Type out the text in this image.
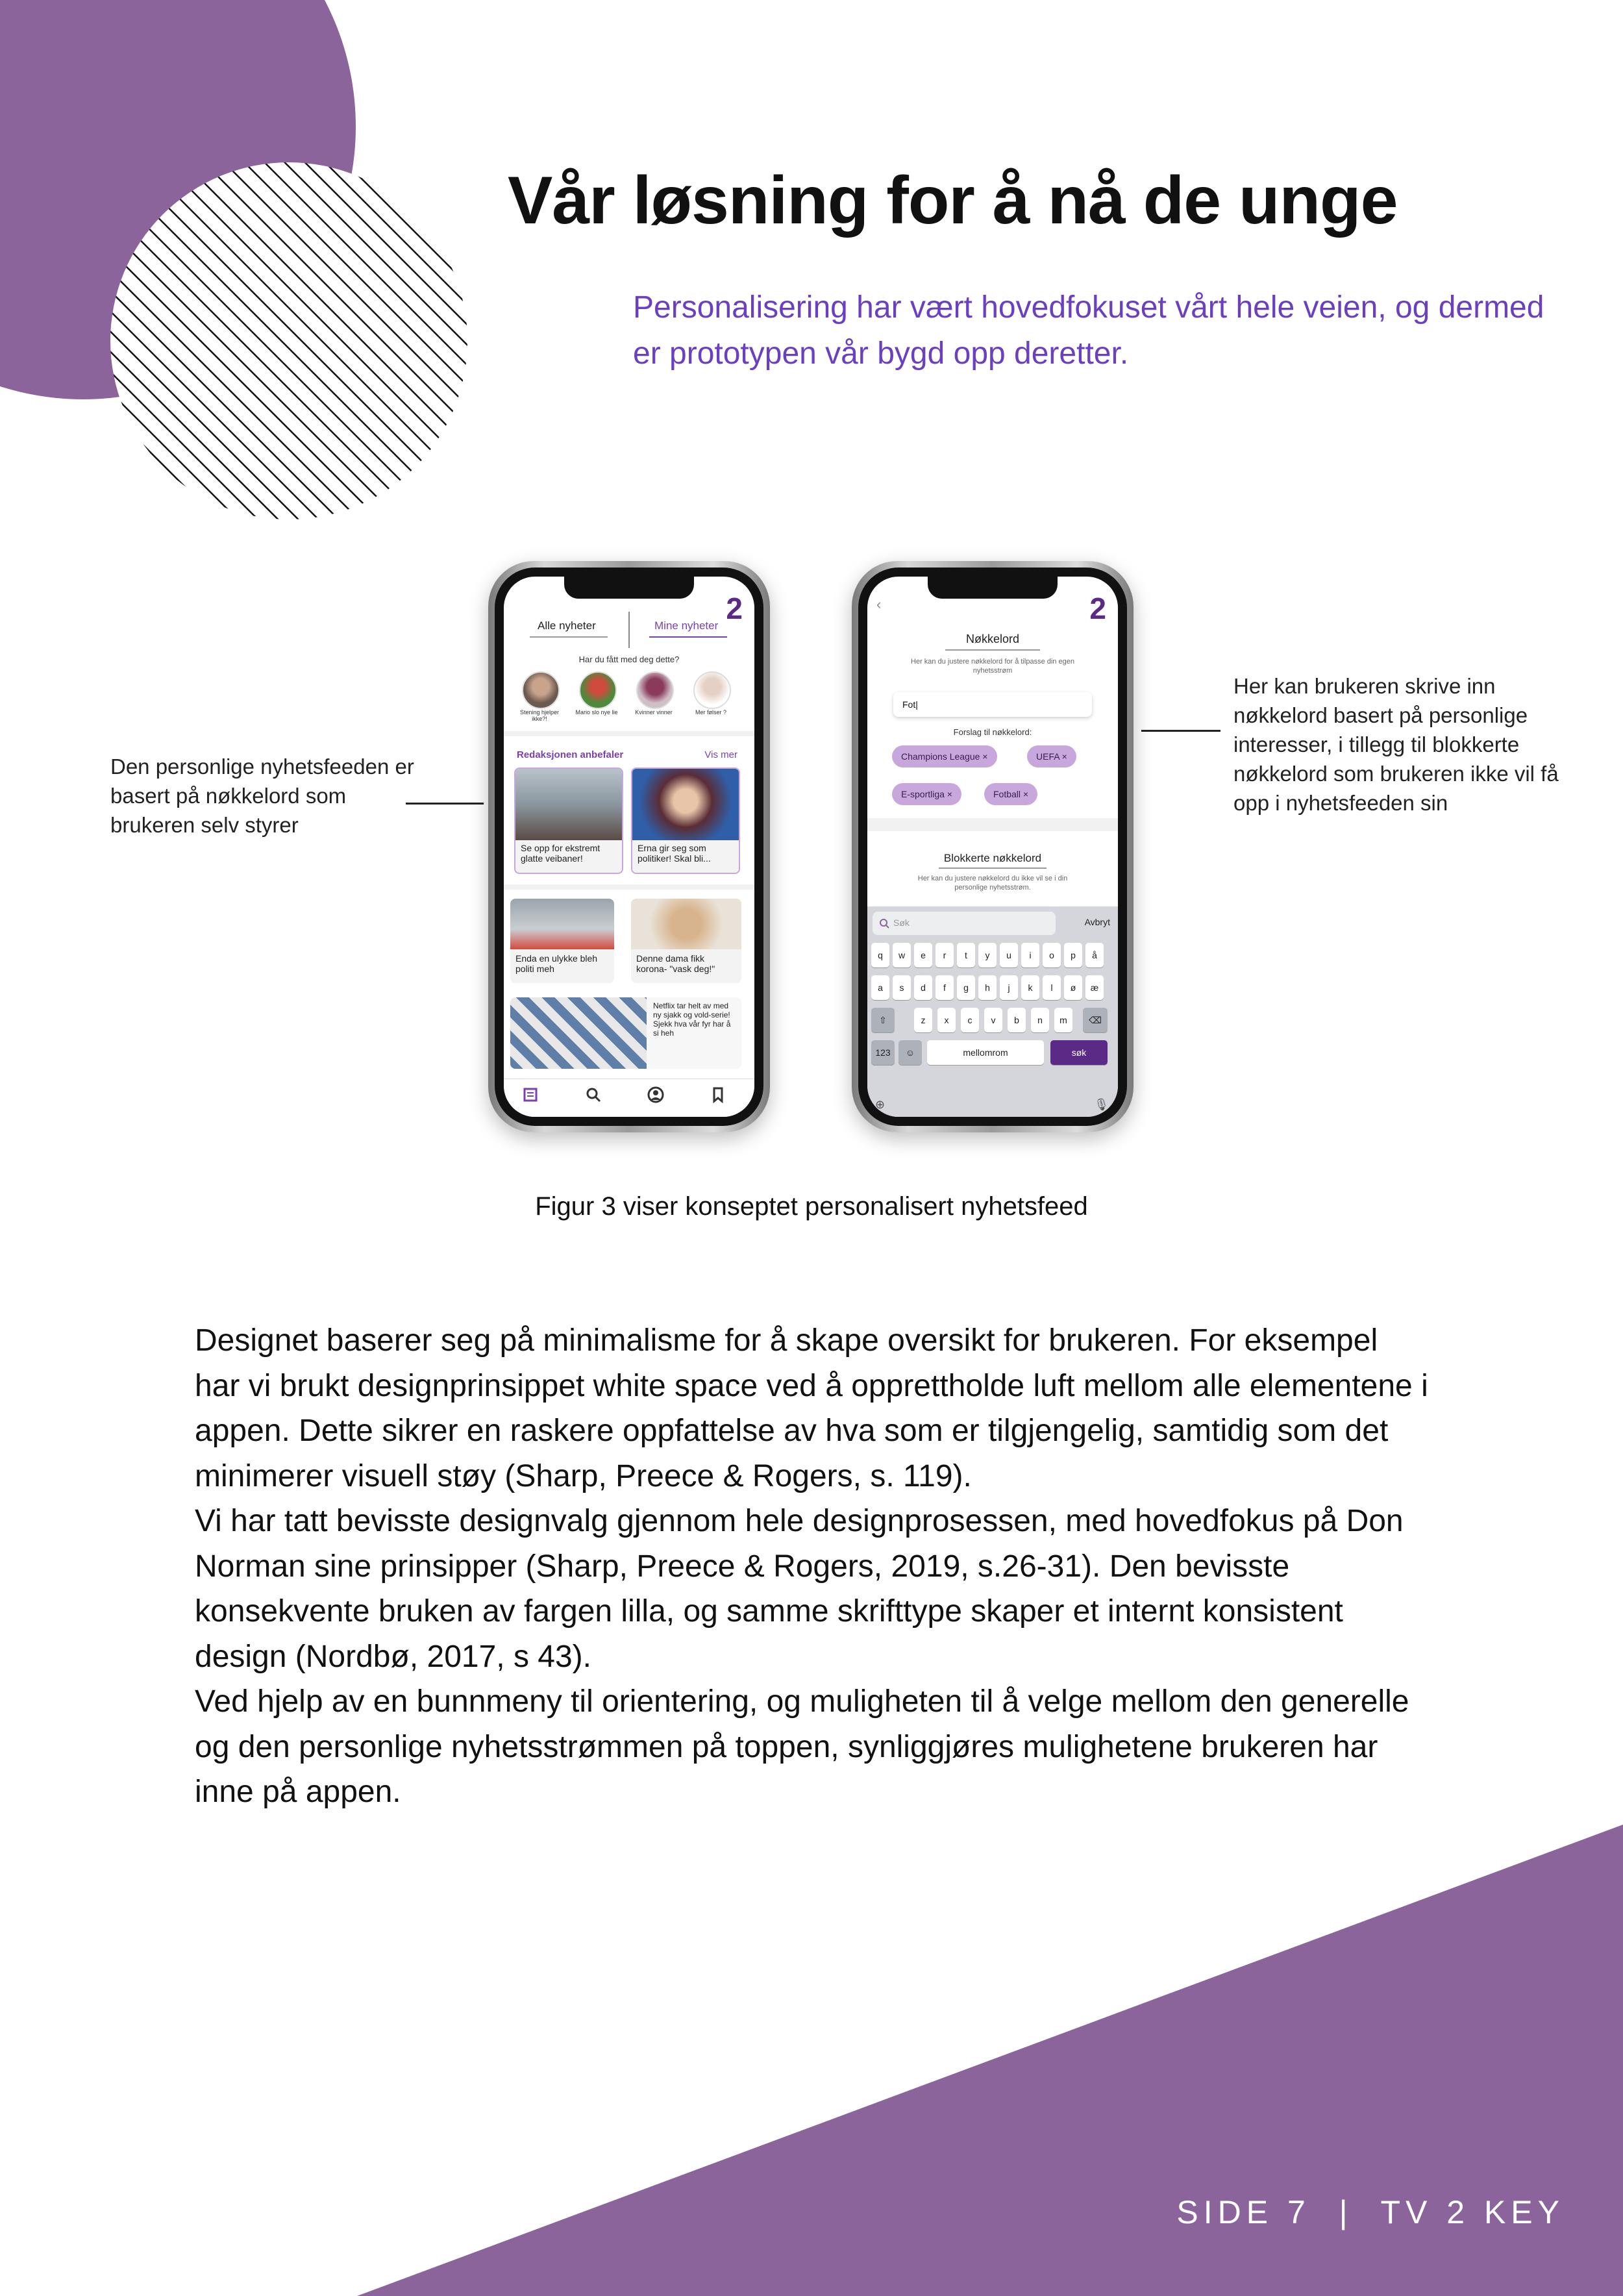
Vår løsning for å nå de unge
Personalisering har vært hovedfokuset vårt hele veien, og dermed er prototypen vår bygd opp deretter.
Den personlige nyhetsfeeden er basert på nøkkelord som brukeren selv styrer
Her kan brukeren skrive inn nøkkelord basert på personlige interesser, i tillegg til blokkerte nøkkelord som brukeren ikke vil få opp i nyhetsfeeden sin
2
Alle nyheter	Mine nyheter
Har du fått med deg dette?
Stening hjelper ikke?!
Mario slo nye lie	Kvinner vinner	Mer følser ?
Redaksjonen anbefaler	Vis mer
Se opp for ekstremt glatte veibaner!
Erna gir seg som politiker! Skal bli...
Enda en ulykke bleh politi meh
Denne dama fikk korona- "vask deg!"
Netflix tar helt av med ny sjakk og vold-serie! Sjekk hva vår fyr har å si heh
‹	2
Nøkkelord
Her kan du justere nøkkelord for å tilpasse din egen nyhetsstrøm
Fot|
Forslag til nøkkelord:
Champions League ×	UEFA ×
E-sportliga ×	Fotball ×
Blokkerte nøkkelord
Her kan du justere nøkkelord du ikke vil se i din personlige nyhetsstrøm.
Søk	Avbryt
q	w	e	r	t	y	u	i	o	p	å
a	s	d	f	g	h	j	k	l	ø	æ
z	x	c	v	b	n	m
⇧	⌫
123	☺	mellomrom	søk
⊕	🎙
Figur 3 viser konseptet personalisert nyhetsfeed

Designet baserer seg på minimalisme for å skape oversikt for brukeren. For eksempel har vi brukt designprinsippet white space ved å opprettholde luft mellom alle elementene i appen. Dette sikrer en raskere oppfattelse av hva som er tilgjengelig, samtidig som det minimerer visuell støy (Sharp, Preece & Rogers, s. 119).

Vi har tatt bevisste designvalg gjennom hele designprosessen, med hovedfokus på Don Norman sine prinsipper (Sharp, Preece & Rogers, 2019, s.26-31). Den bevisste konsekvente bruken av fargen lilla, og samme skrifttype skaper et internt konsistent design (Nordbø, 2017, s 43).

Ved hjelp av en bunnmeny til orientering, og muligheten til å velge mellom den generelle og den personlige nyhetsstrømmen på toppen, synliggjøres mulighetene brukeren har inne på appen.

SIDE 7  |  TV 2 KEY
